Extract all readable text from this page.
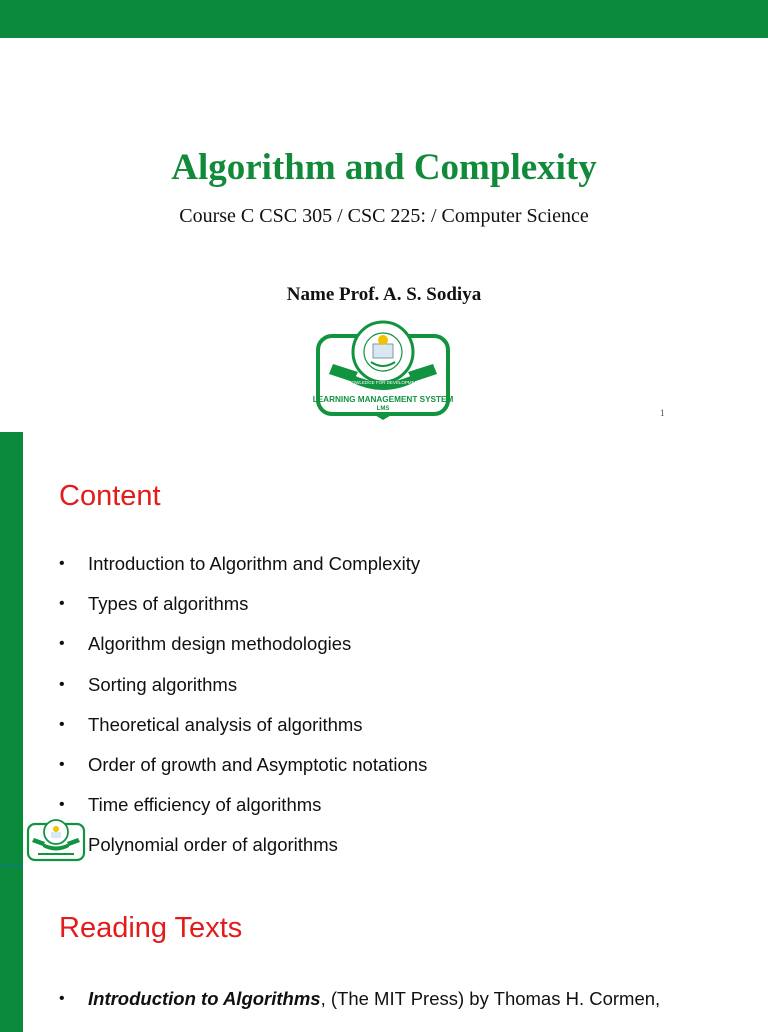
Algorithm and Complexity
Course C CSC 305 / CSC 225: / Computer Science
Name Prof. A. S. Sodiya
KNOWLEDGE FOR DEVELOPMENT
LEARNING MANAGEMENT SYSTEM
LMS	1
Content
•	Introduction to Algorithm and Complexity
•	Types of algorithms
•	Algorithm design methodologies
•	Sorting algorithms
•	Theoretical analysis of algorithms
•	Order of growth and Asymptotic notations
•	Time efficiency of algorithms
Polynomial order of algorithms
Reading Texts
•	Introduction to Algorithms, (The MIT Press) by Thomas H. Cormen,
